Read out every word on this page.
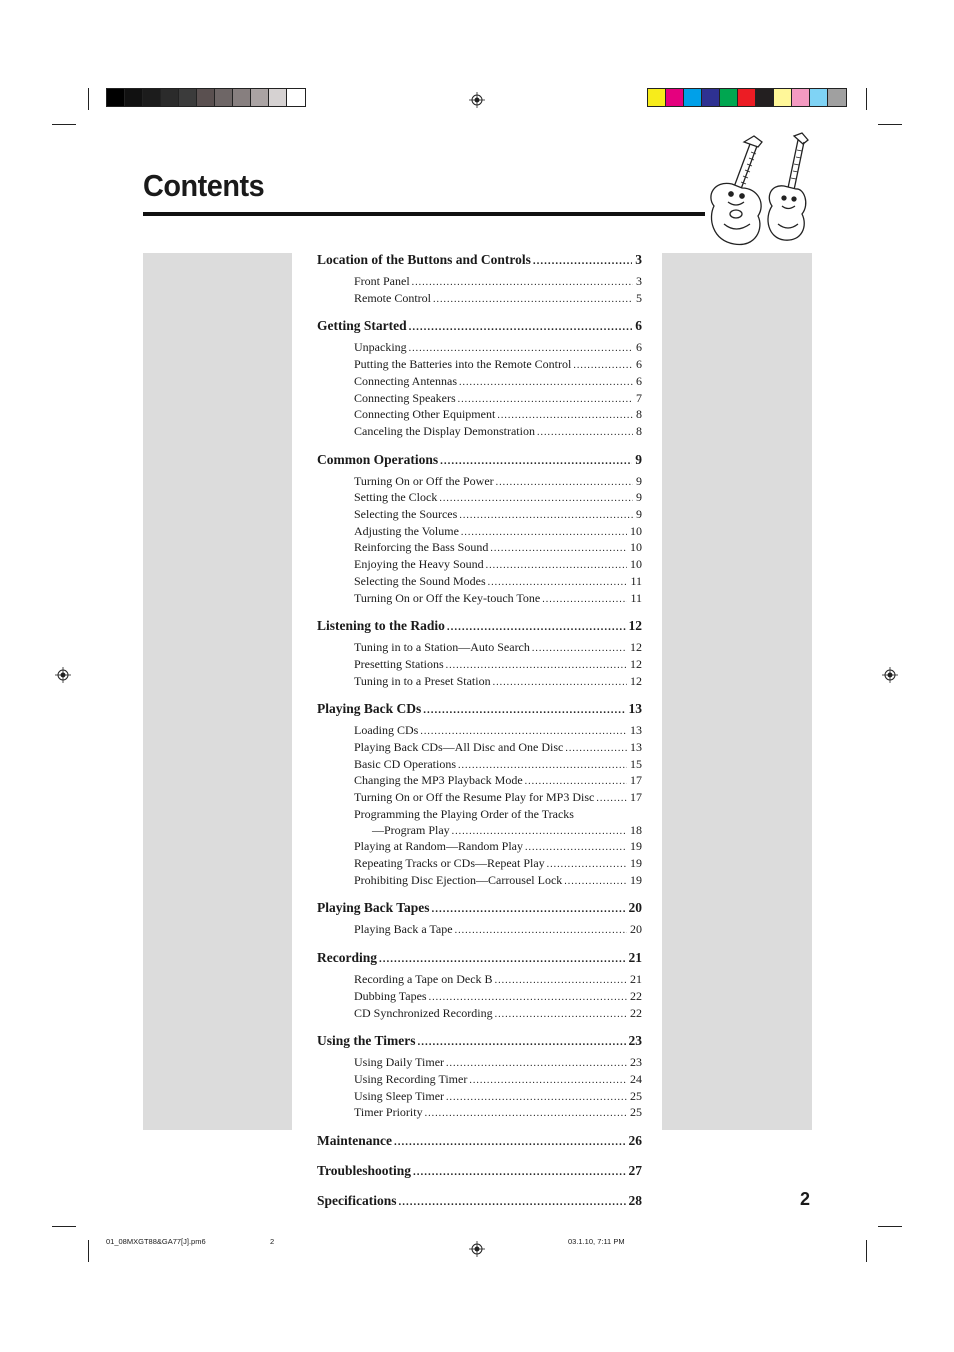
Contents
Location of the Buttons and Controls .....	3
Front Panel .....	3
Remote Control .....	5
Getting Started .....	6
Unpacking .....	6
Putting the Batteries into the Remote Control .....	6
Connecting Antennas .....	6
Connecting Speakers .....	7
Connecting Other Equipment .....	8
Canceling the Display Demonstration .....	8
Common Operations .....	9
Turning On or Off the Power .....	9
Setting the Clock .....	9
Selecting the Sources .....	9
Adjusting the Volume .....	10
Reinforcing the Bass Sound .....	10
Enjoying the Heavy Sound .....	10
Selecting the Sound Modes .....	11
Turning On or Off the Key-touch Tone .....	11
Listening to the Radio .....	12
Tuning in to a Station—Auto Search .....	12
Presetting Stations .....	12
Tuning in to a Preset Station .....	12
Playing Back CDs .....	13
Loading CDs .....	13
Playing Back CDs—All Disc and One Disc .....	13
Basic CD Operations .....	15
Changing the MP3 Playback Mode .....	17
Turning On or Off the Resume Play for MP3 Disc .....	17
Programming the Playing Order of the Tracks
—Program Play .....	18
Playing at Random—Random Play .....	19
Repeating Tracks or CDs—Repeat Play .....	19
Prohibiting Disc Ejection—Carrousel Lock .....	19
Playing Back Tapes .....	20
Playing Back a Tape .....	20
Recording .....	21
Recording a Tape on Deck B .....	21
Dubbing Tapes .....	22
CD Synchronized Recording .....	22
Using the Timers .....	23
Using Daily Timer .....	23
Using Recording Timer .....	24
Using Sleep Timer .....	25
Timer Priority .....	25
Maintenance .....	26
Troubleshooting .....	27
Specifications .....	28	2
01_08MXGT88&GA77[J].pm6	2	03.1.10, 7:11 PM
